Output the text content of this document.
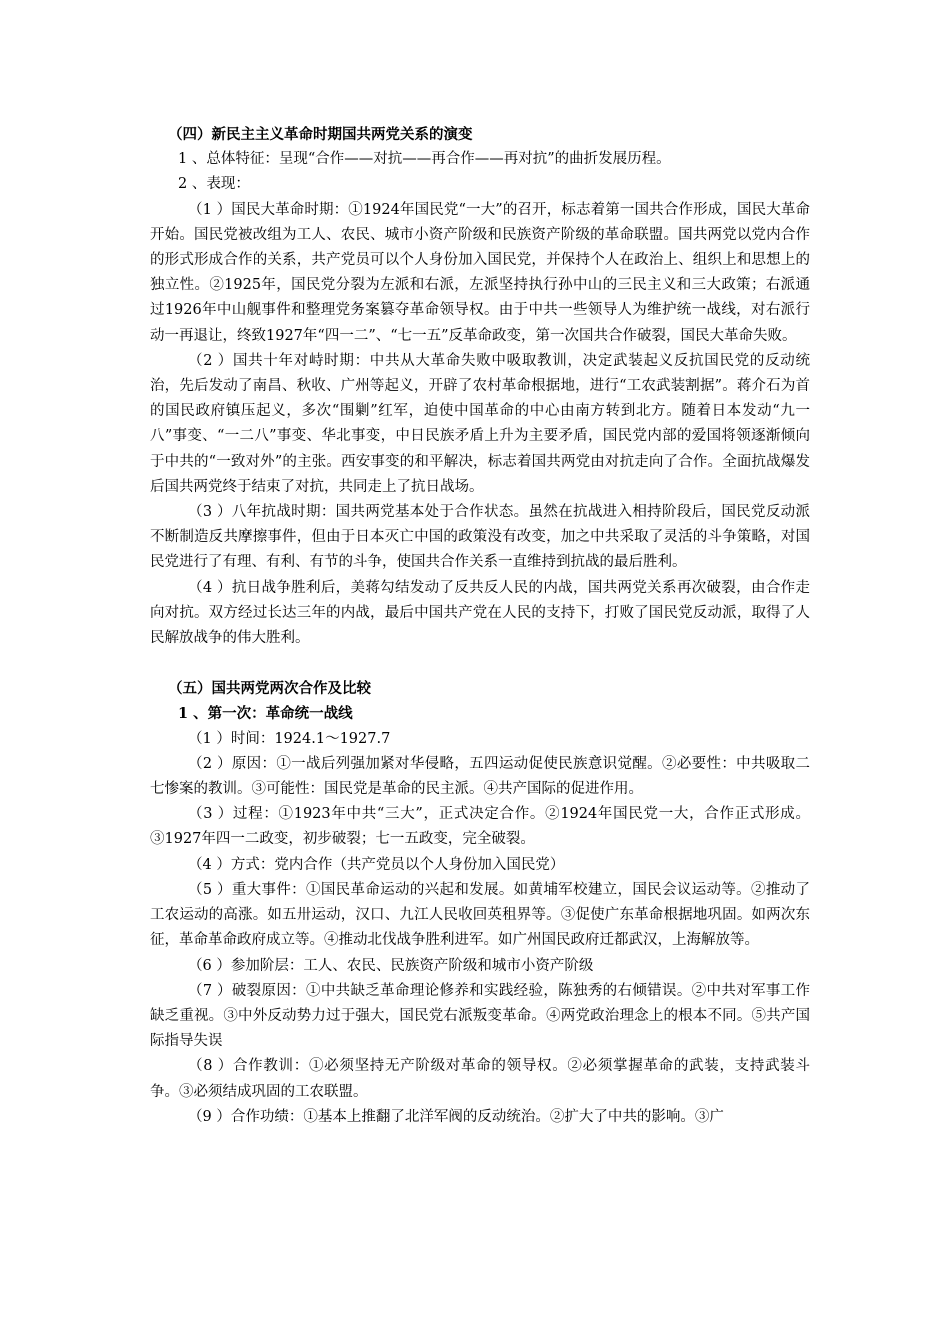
（四）新民主主义革命时期国共两党关系的演变

1 、总体特征：呈现“合作——对抗——再合作——再对抗”的曲折发展历程。

2 、表现：

（1 ）国民大革命时期：①1924年国民党“一大”的召开，标志着第一国共合作形成，国民大革命开始。国民党被改组为工人、农民、城市小资产阶级和民族资产阶级的革命联盟。国共两党以党内合作的形式形成合作的关系，共产党员可以个人身份加入国民党，并保持个人在政治上、组织上和思想上的独立性。②1925年，国民党分裂为左派和右派，左派坚持执行孙中山的三民主义和三大政策；右派通过1926年中山舰事件和整理党务案篡夺革命领导权。由于中共一些领导人为维护统一战线，对右派行动一再退让，终致1927年“四一二”、“七一五”反革命政变，第一次国共合作破裂，国民大革命失败。

（2 ）国共十年对峙时期：中共从大革命失败中吸取教训，决定武装起义反抗国民党的反动统治，先后发动了南昌、秋收、广州等起义，开辟了农村革命根据地，进行“工农武装割据”。蒋介石为首的国民政府镇压起义，多次“围剿”红军，迫使中国革命的中心由南方转到北方。随着日本发动“九一八”事变、“一二八”事变、华北事变，中日民族矛盾上升为主要矛盾，国民党内部的爱国将领逐渐倾向于中共的“一致对外”的主张。西安事变的和平解决，标志着国共两党由对抗走向了合作。全面抗战爆发后国共两党终于结束了对抗，共同走上了抗日战场。

（3 ）八年抗战时期：国共两党基本处于合作状态。虽然在抗战进入相持阶段后，国民党反动派不断制造反共摩擦事件，但由于日本灭亡中国的政策没有改变，加之中共采取了灵活的斗争策略，对国民党进行了有理、有利、有节的斗争，使国共合作关系一直维持到抗战的最后胜利。

（4 ）抗日战争胜利后，美蒋勾结发动了反共反人民的内战，国共两党关系再次破裂，由合作走向对抗。双方经过长达三年的内战，最后中国共产党在人民的支持下，打败了国民党反动派，取得了人民解放战争的伟大胜利。

（五）国共两党两次合作及比较

1 、第一次：革命统一战线

（1 ）时间：1924.1～1927.7

（2 ）原因：①一战后列强加紧对华侵略，五四运动促使民族意识觉醒。②必要性：中共吸取二七惨案的教训。③可能性：国民党是革命的民主派。④共产国际的促进作用。

（3 ）过程：①1923年中共“三大”，正式决定合作。②1924年国民党一大，合作正式形成。③1927年四一二政变，初步破裂；七一五政变，完全破裂。

（4 ）方式：党内合作（共产党员以个人身份加入国民党）

（5 ）重大事件：①国民革命运动的兴起和发展。如黄埔军校建立，国民会议运动等。②推动了工农运动的高涨。如五卅运动，汉口、九江人民收回英租界等。③促使广东革命根据地巩固。如两次东征，革命革命政府成立等。④推动北伐战争胜利进军。如广州国民政府迁都武汉，上海解放等。

（6 ）参加阶层：工人、农民、民族资产阶级和城市小资产阶级

（7 ）破裂原因：①中共缺乏革命理论修养和实践经验，陈独秀的右倾错误。②中共对军事工作缺乏重视。③中外反动势力过于强大，国民党右派叛变革命。④两党政治理念上的根本不同。⑤共产国际指导失误

（8 ）合作教训：①必须坚持无产阶级对革命的领导权。②必须掌握革命的武装，支持武装斗争。③必须结成巩固的工农联盟。

（9 ）合作功绩：①基本上推翻了北洋军阀的反动统治。②扩大了中共的影响。③广
